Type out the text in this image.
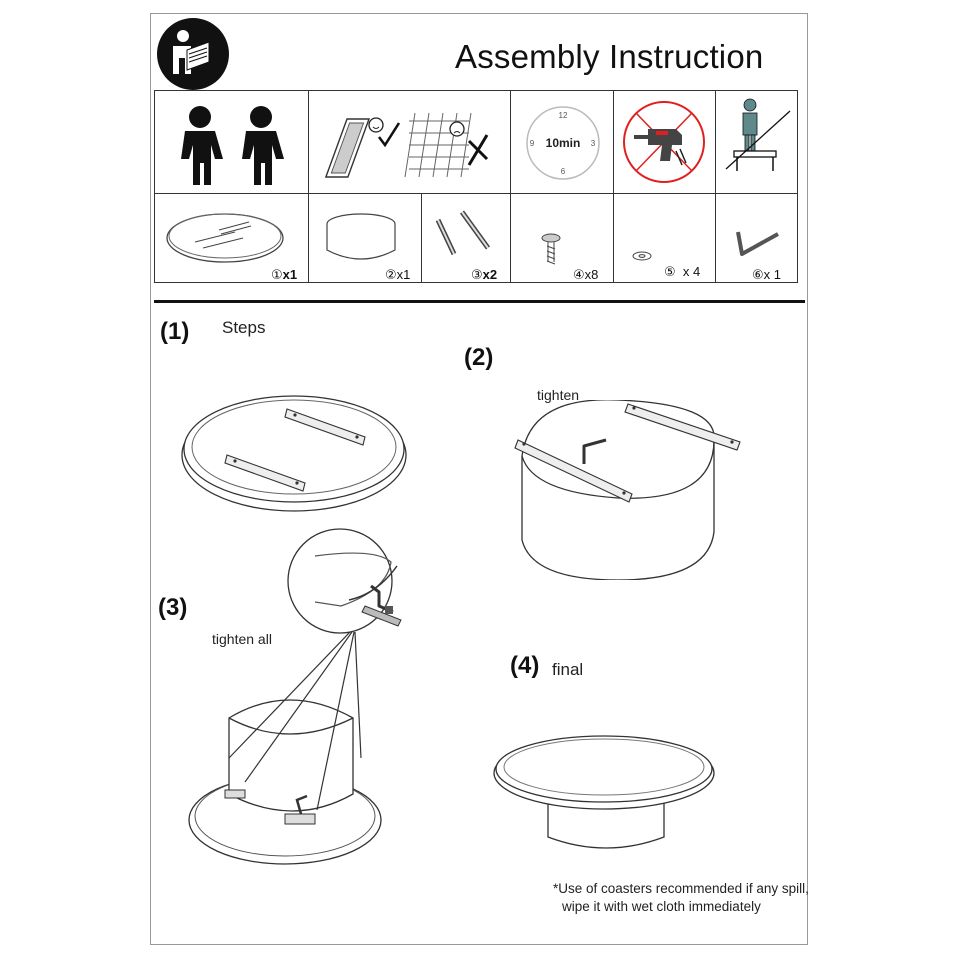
Assembly Instruction
12
3
6
9 10min
①x1	②x1	③x2	④x8	⑤ x 4	⑥x 1
(1) Steps
(2)
tighten
(3)
tighten all
(4) final
*Use of coasters recommended if any spill,
wipe it with wet cloth immediately
